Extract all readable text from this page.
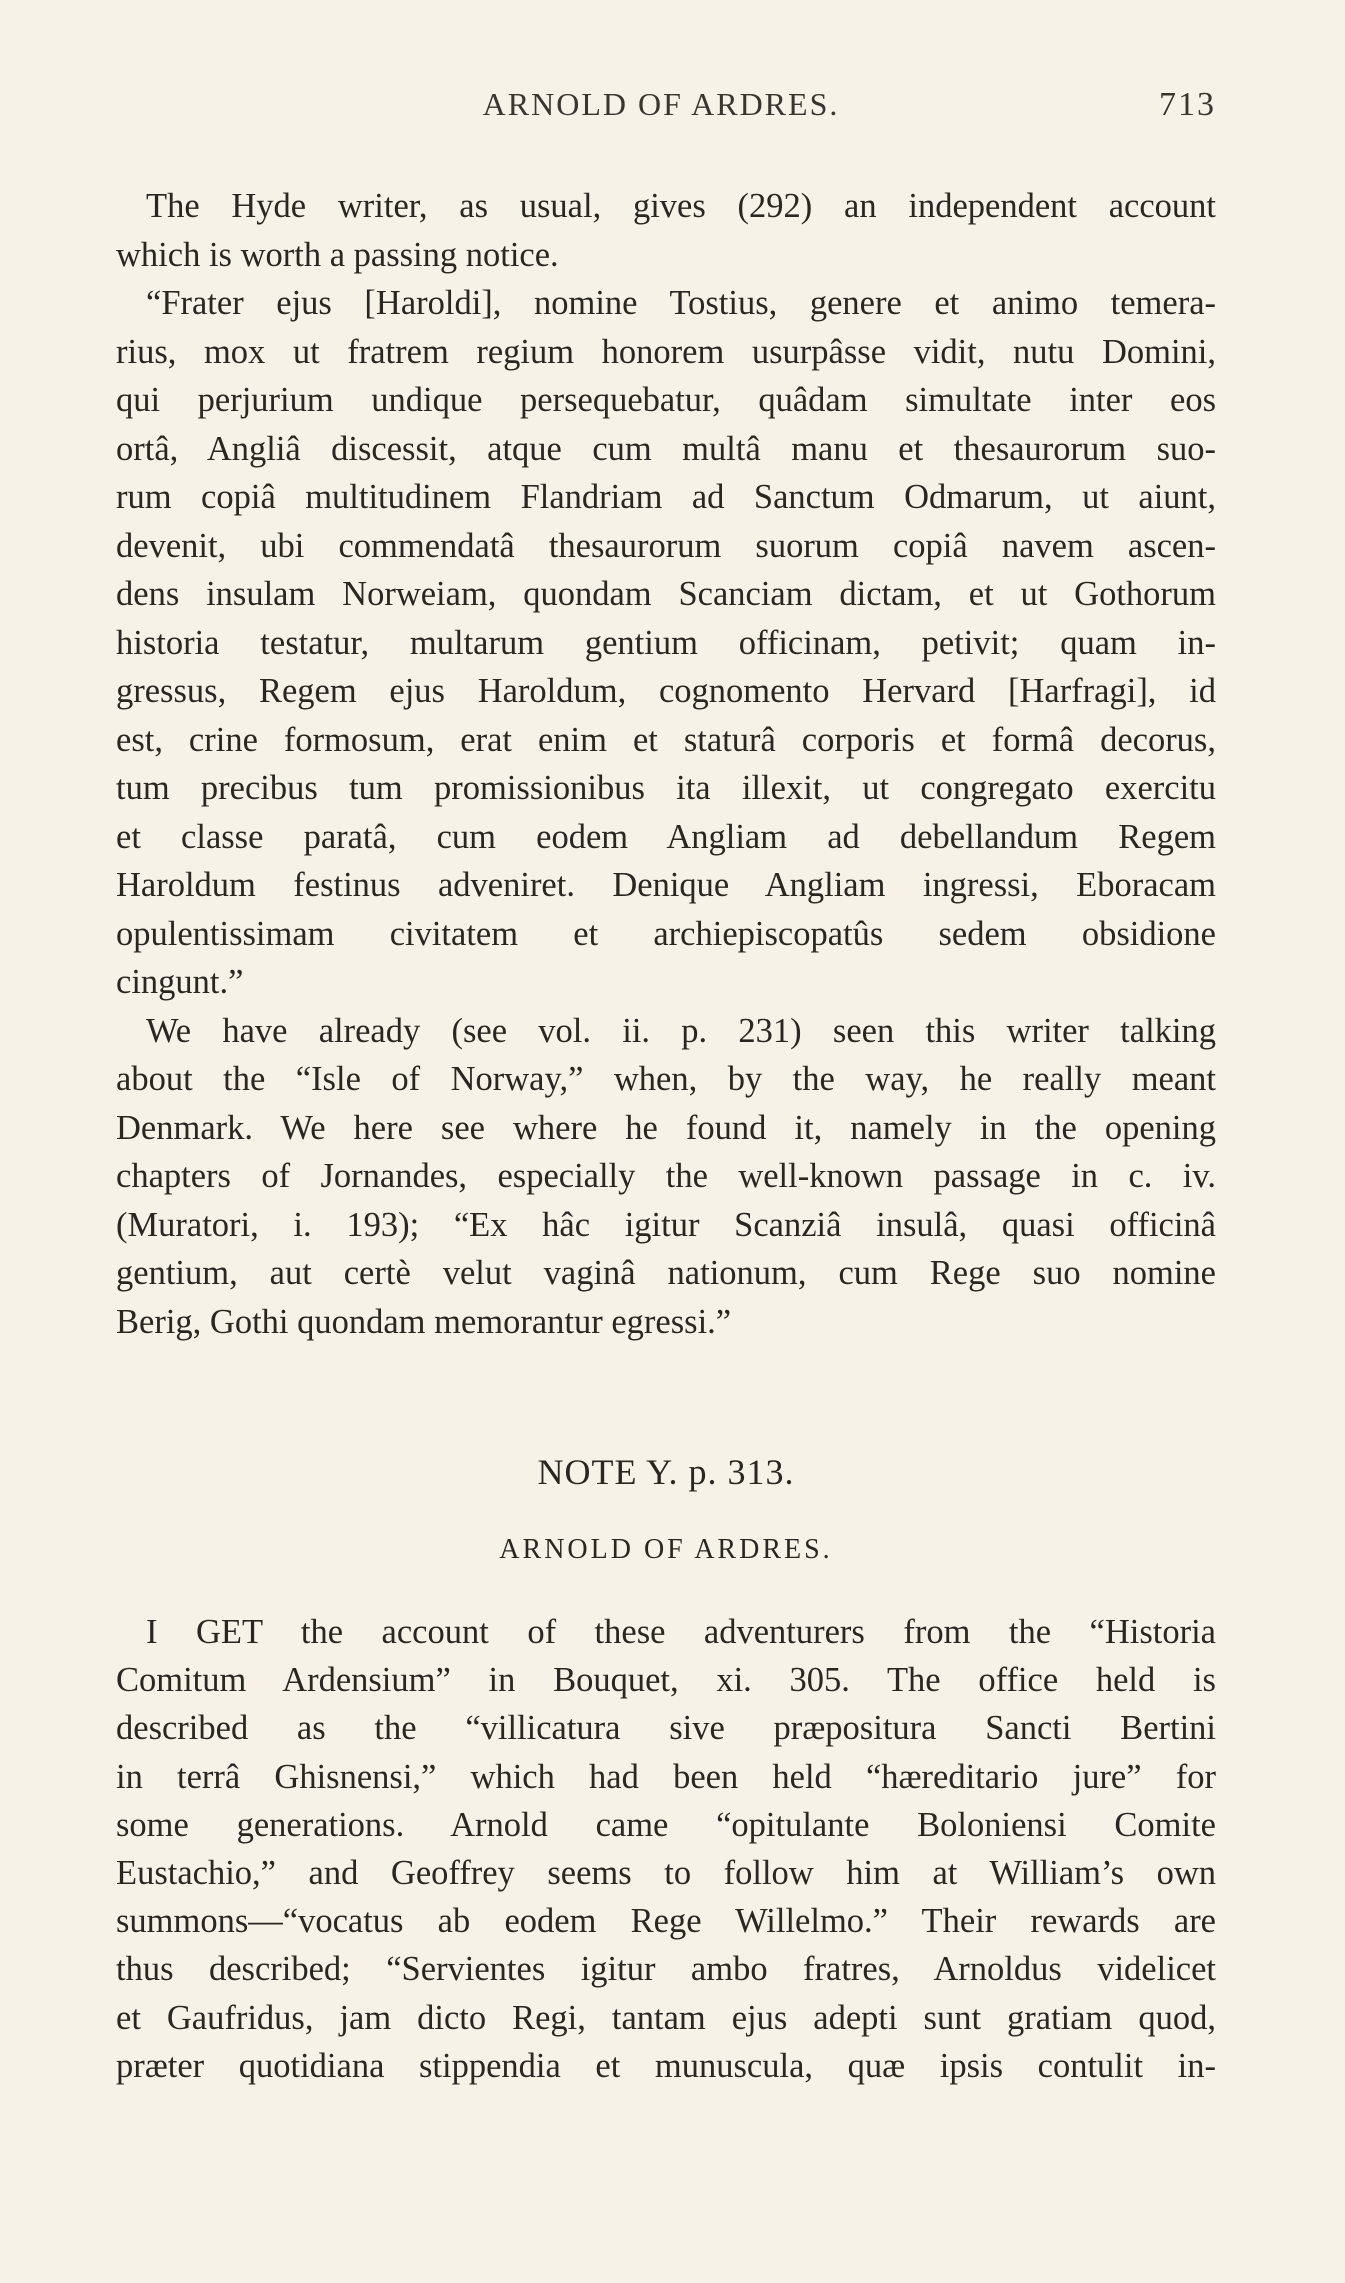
ARNOLD OF ARDRES.	713
The Hyde writer, as usual, gives (292) an independent account
which is worth a passing notice.
“Frater ejus [Haroldi], nomine Tostius, genere et animo temera-
rius, mox ut fratrem regium honorem usurpâsse vidit, nutu Domini,
qui perjurium undique persequebatur, quâdam simultate inter eos
ortâ, Angliâ discessit, atque cum multâ manu et thesaurorum suo-
rum copiâ multitudinem Flandriam ad Sanctum Odmarum, ut aiunt,
devenit, ubi commendatâ thesaurorum suorum copiâ navem ascen-
dens insulam Norweiam, quondam Scanciam dictam, et ut Gothorum
historia testatur, multarum gentium officinam, petivit; quam in-
gressus, Regem ejus Haroldum, cognomento Hervard [Harfragi], id
est, crine formosum, erat enim et staturâ corporis et formâ decorus,
tum precibus tum promissionibus ita illexit, ut congregato exercitu
et classe paratâ, cum eodem Angliam ad debellandum Regem
Haroldum festinus adveniret. Denique Angliam ingressi, Eboracam
opulentissimam civitatem et archiepiscopatûs sedem obsidione
cingunt.”
We have already (see vol. ii. p. 231) seen this writer talking
about the “Isle of Norway,” when, by the way, he really meant
Denmark. We here see where he found it, namely in the opening
chapters of Jornandes, especially the well-known passage in c. iv.
(Muratori, i. 193); “Ex hâc igitur Scanziâ insulâ, quasi officinâ
gentium, aut certè velut vaginâ nationum, cum Rege suo nomine
Berig, Gothi quondam memorantur egressi.”
NOTE Y. p. 313.
ARNOLD OF ARDRES.
I GET the account of these adventurers from the “Historia
Comitum Ardensium” in Bouquet, xi. 305. The office held is
described as the “villicatura sive præpositura Sancti Bertini
in terrâ Ghisnensi,” which had been held “hæreditario jure” for
some generations. Arnold came “opitulante Boloniensi Comite
Eustachio,” and Geoffrey seems to follow him at William’s own
summons—“vocatus ab eodem Rege Willelmo.” Their rewards are
thus described; “Servientes igitur ambo fratres, Arnoldus videlicet
et Gaufridus, jam dicto Regi, tantam ejus adepti sunt gratiam quod,
præter quotidiana stippendia et munuscula, quæ ipsis contulit in-
